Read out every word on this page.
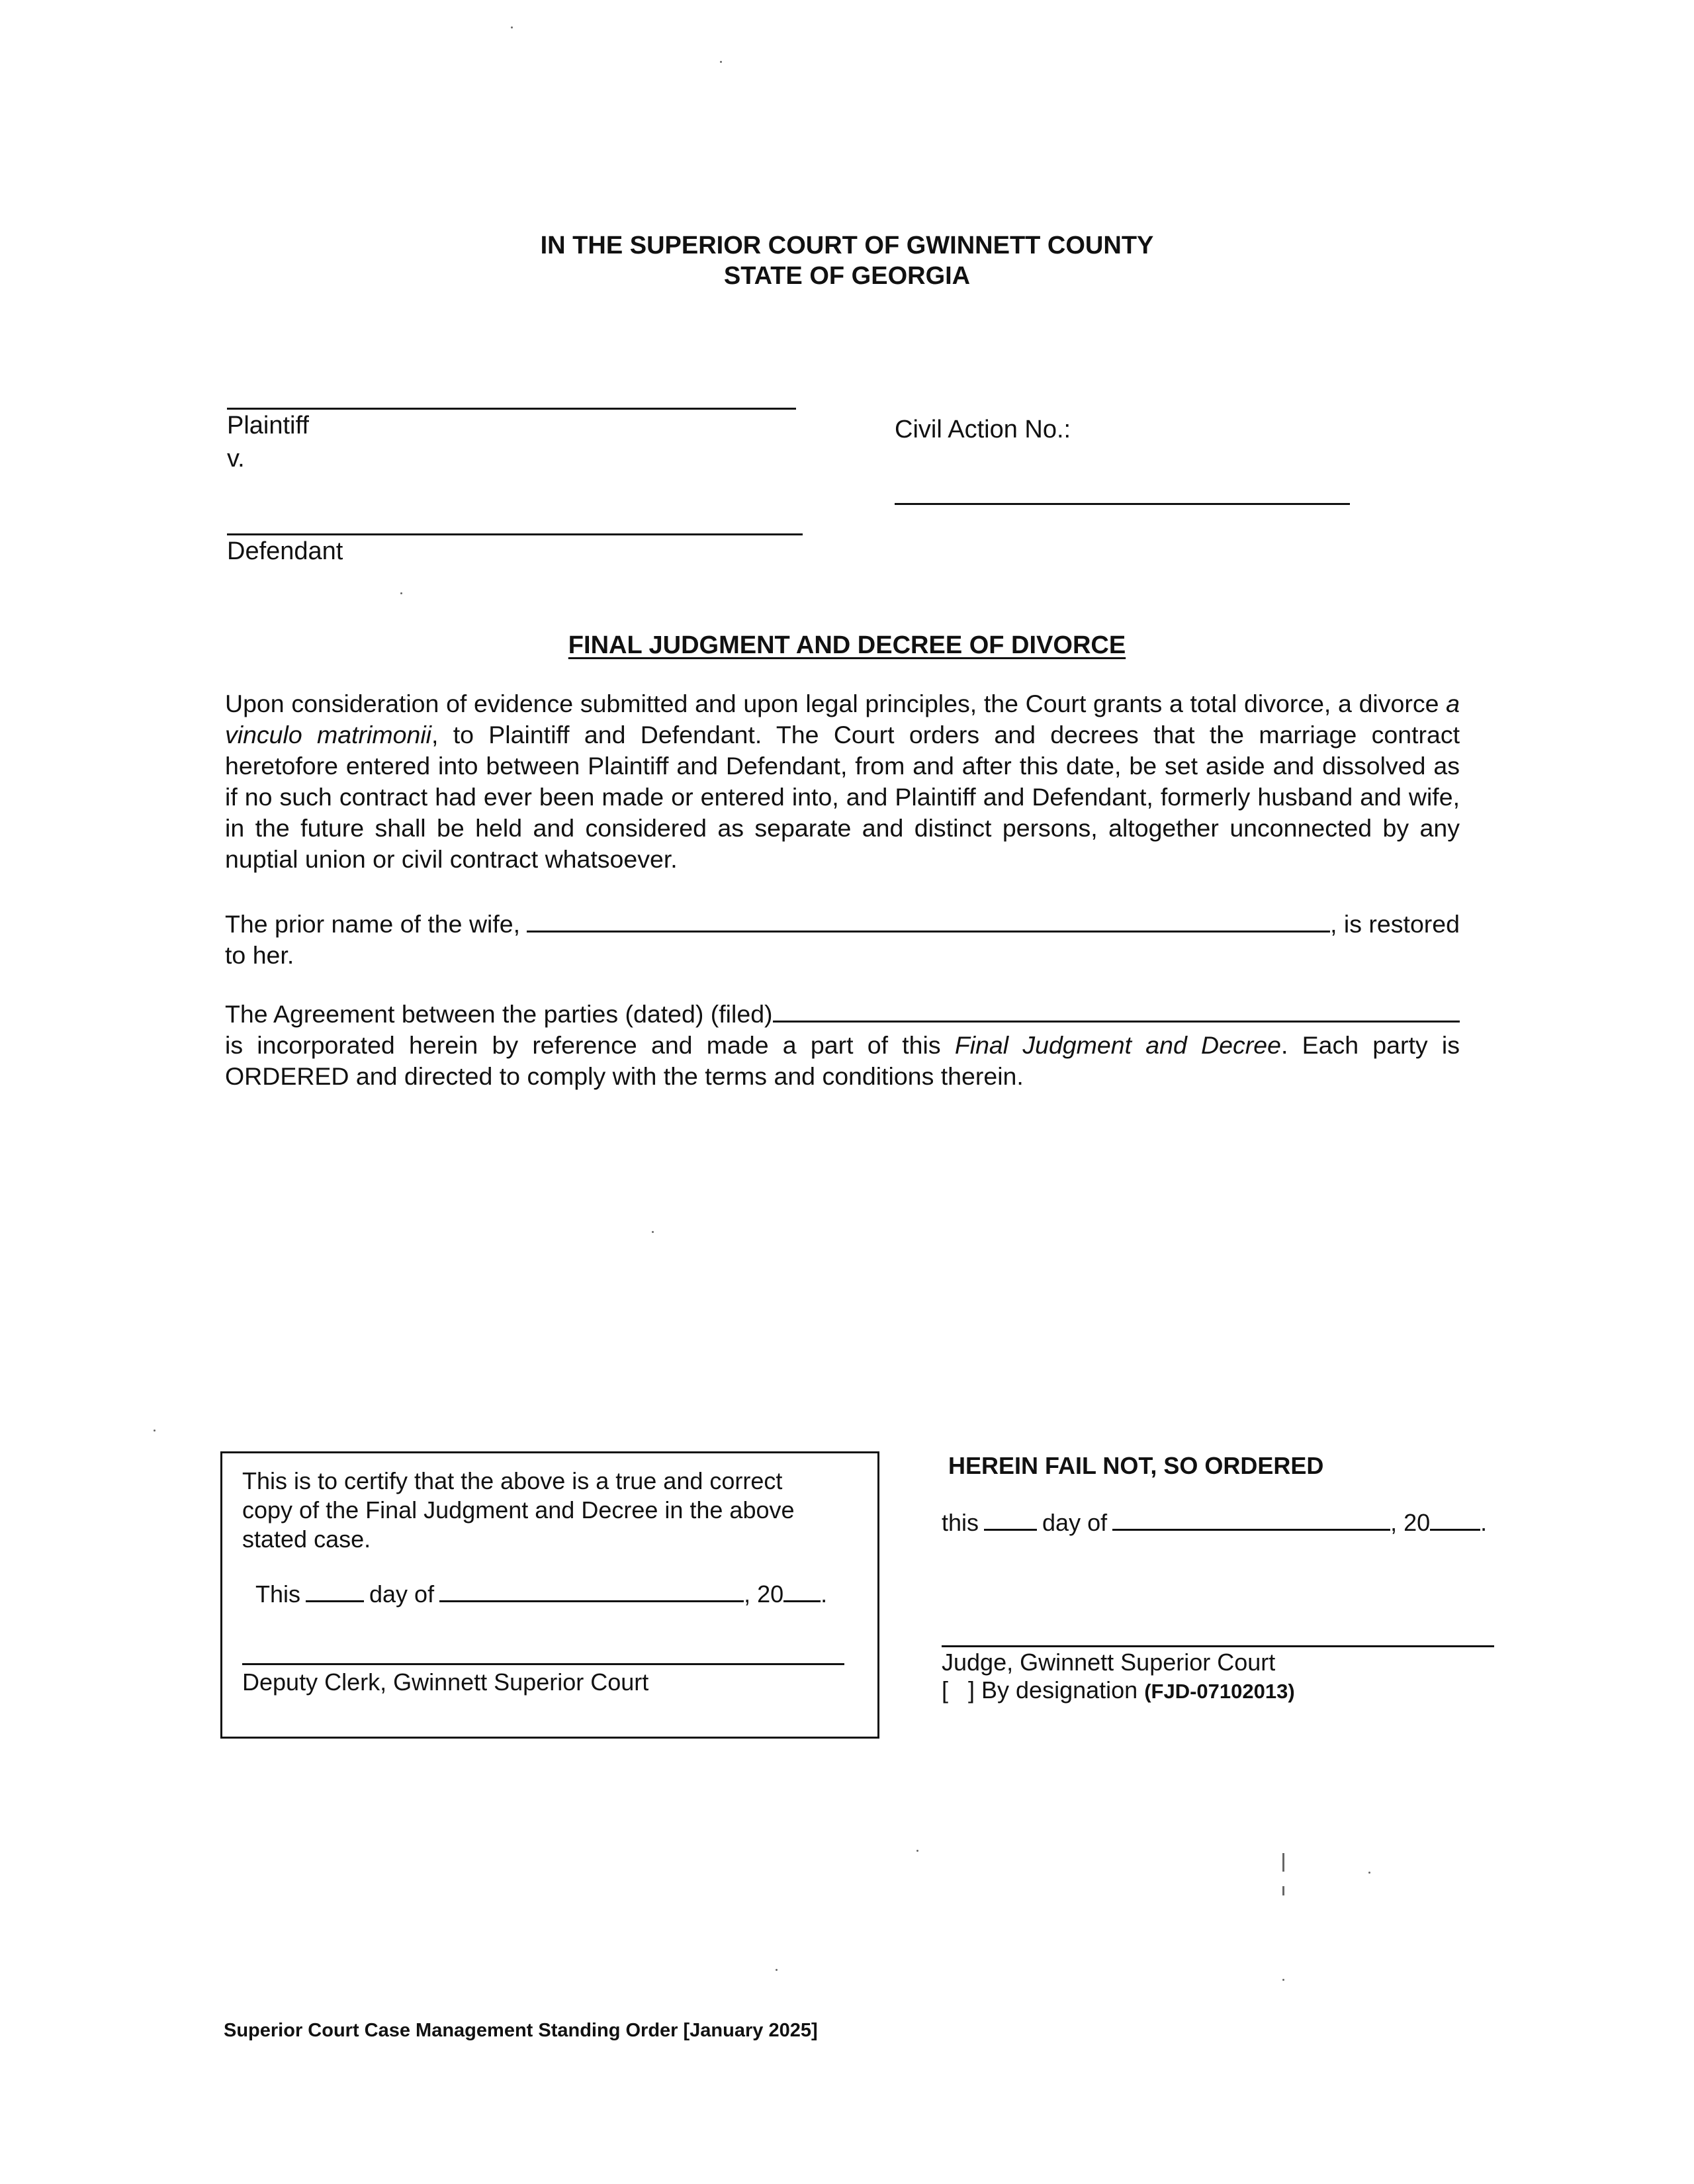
IN THE SUPERIOR COURT OF GWINNETT COUNTY
STATE OF GEORGIA
Plaintiff
v.
Defendant
Civil Action No.:
FINAL JUDGMENT AND DECREE OF DIVORCE

Upon consideration of evidence submitted and upon legal principles, the Court grants a total divorce, a divorce a vinculo matrimonii, to Plaintiff and Defendant. The Court orders and decrees that the marriage contract heretofore entered into between Plaintiff and Defendant, from and after this date, be set aside and dissolved as if no such contract had ever been made or entered into, and Plaintiff and Defendant, formerly husband and wife, in the future shall be held and considered as separate and distinct persons, altogether unconnected by any nuptial union or civil contract whatsoever.

The prior name of the wife,	, is restored
to her.
The Agreement between the parties (dated) (filed)

is incorporated herein by reference and made a part of this Final Judgment and Decree. Each party is ORDERED and directed to comply with the terms and conditions therein.

This is to certify that the above is a true and correct copy of the Final Judgment and Decree in the above stated case.
This	day of	, 20 .
Deputy Clerk, Gwinnett Superior Court
HEREIN FAIL NOT, SO ORDERED
this	day of	, 20 .
Judge, Gwinnett Superior Court
[   ] By designation (FJD-07102013)
Superior Court Case Management Standing Order [January 2025]
